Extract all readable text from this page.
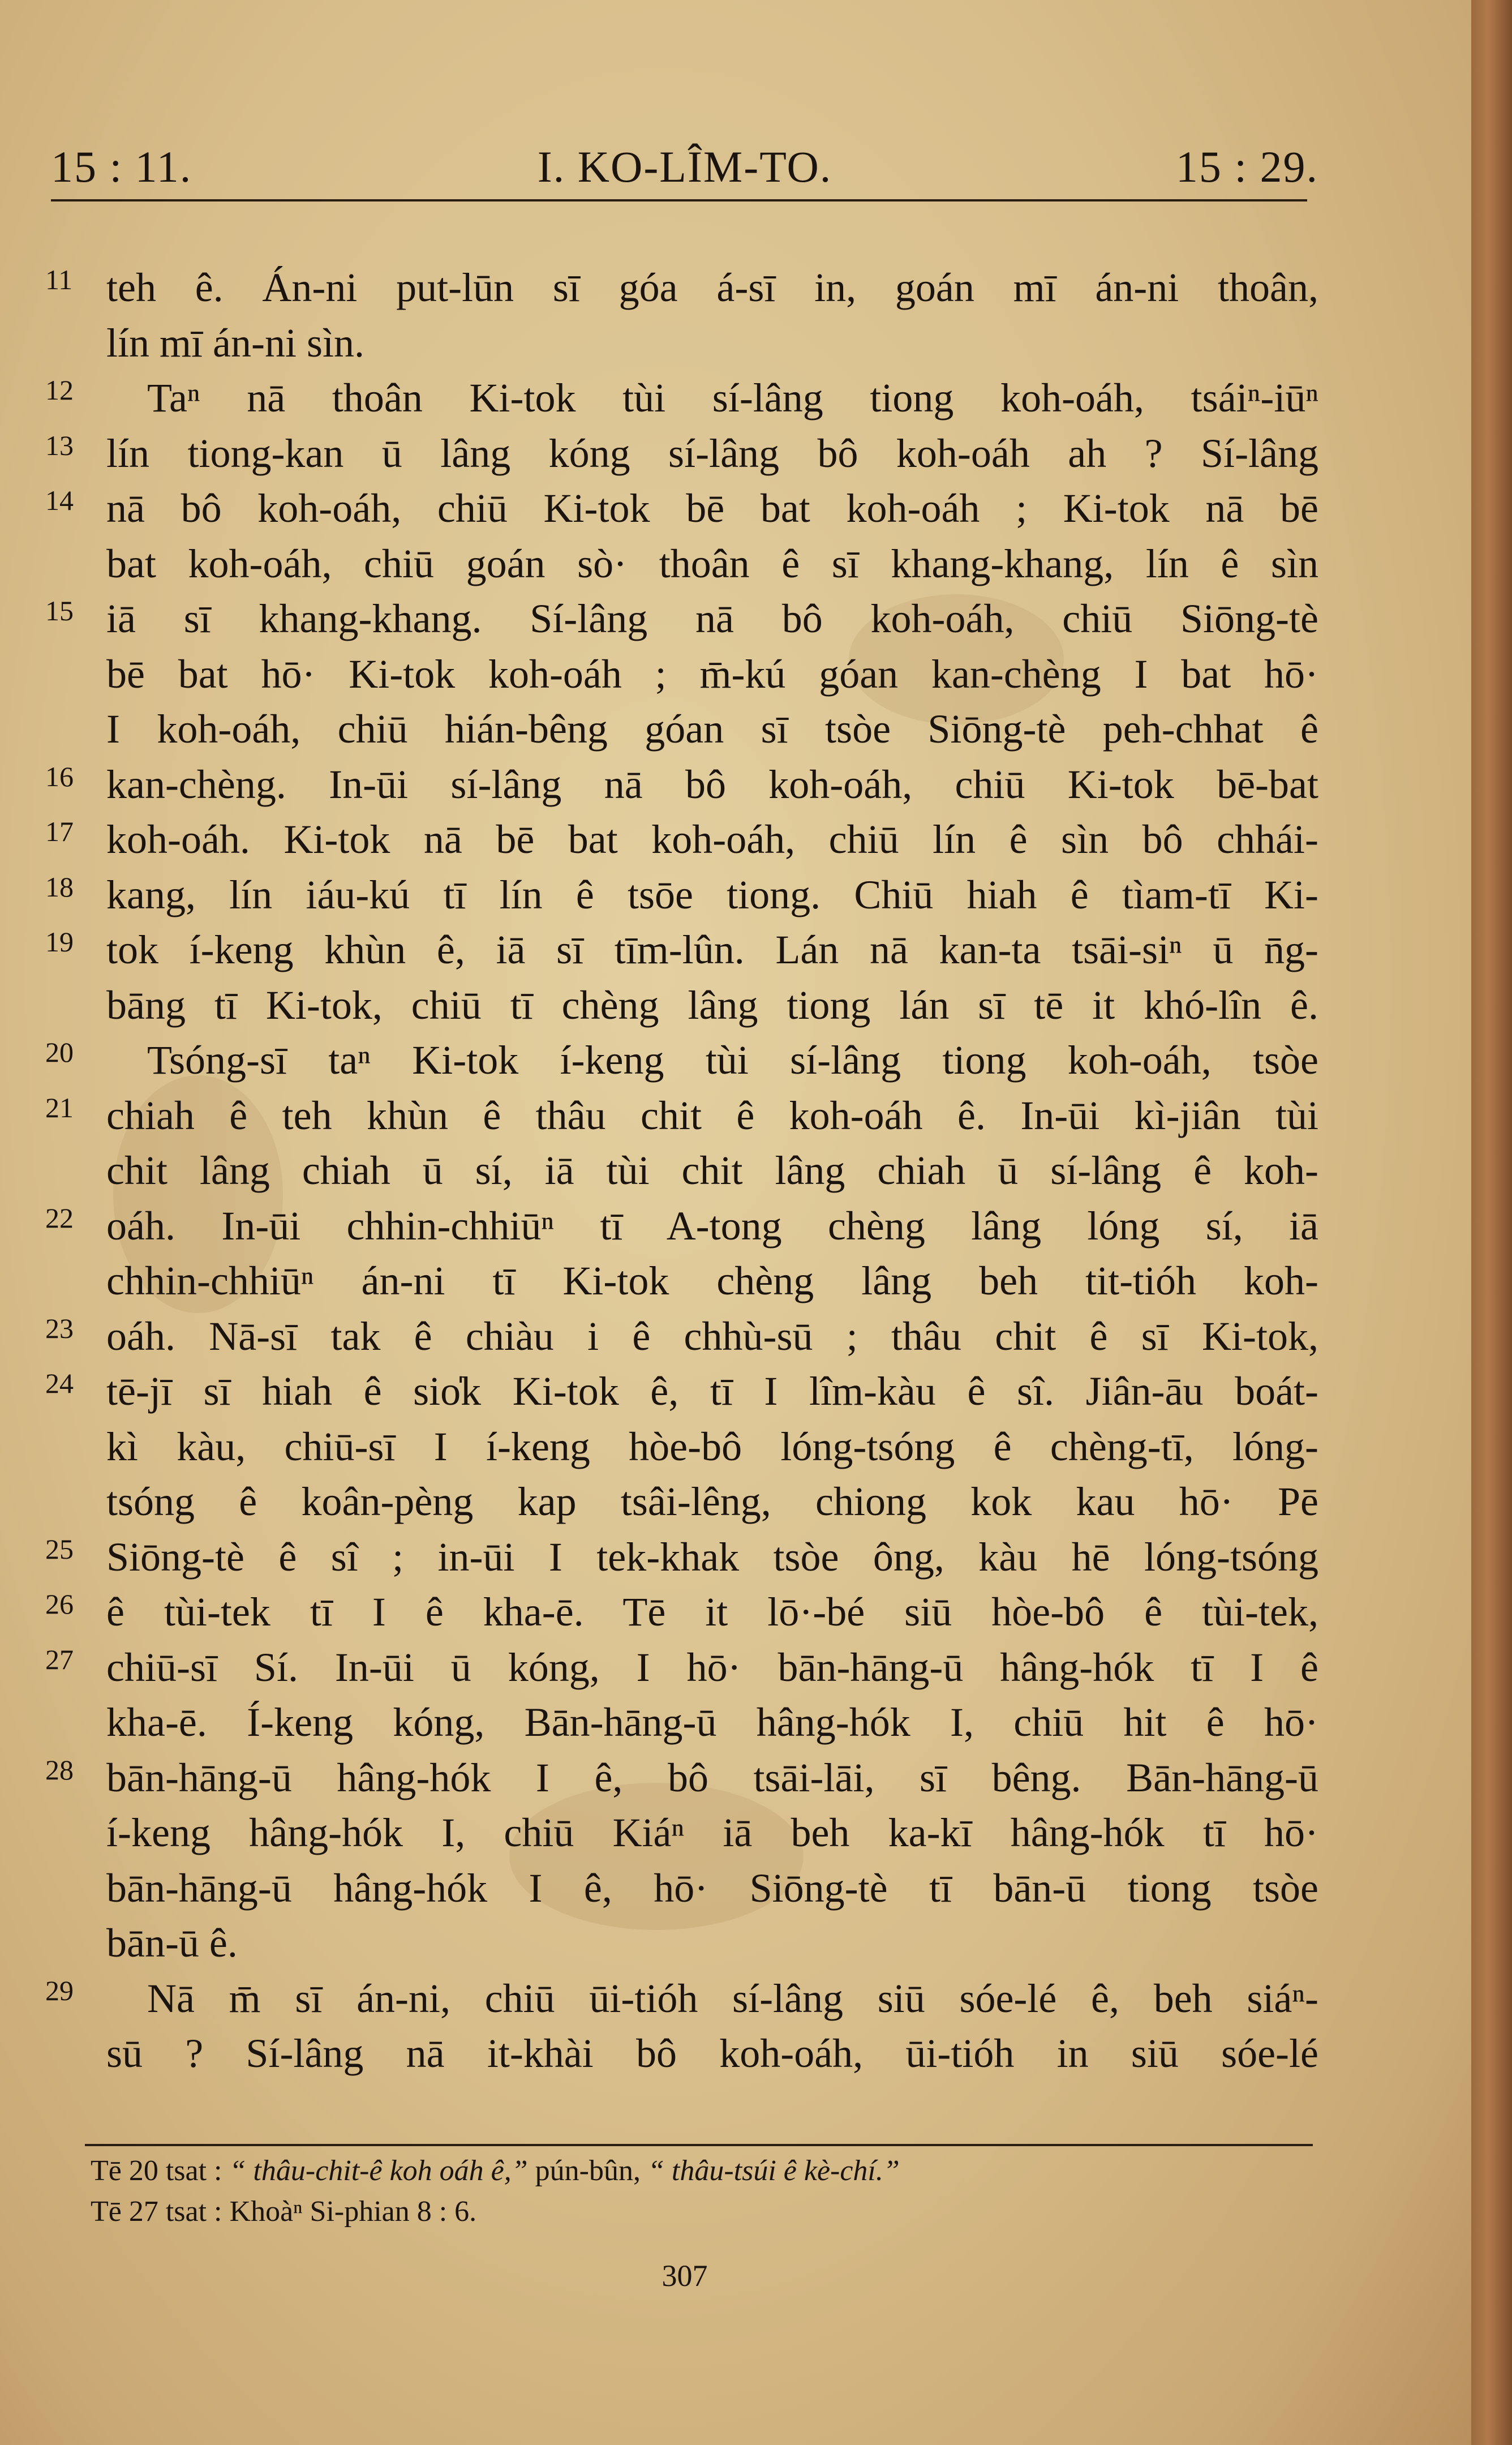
15 : 11.	I. KO-LÎM-TO.	15 : 29.
11 teh ê. Án-ni put-lūn sī góa á-sī in, goán mī án-ni thoân,
lín mī án-ni sìn.
12	Taⁿ nā thoân Ki-tok tùi sí-lâng tiong koh-oáh, tsáiⁿ-iūⁿ
13 lín tiong-kan ū lâng kóng sí-lâng bô koh-oáh ah ? Sí-lâng
14 nā bô koh-oáh, chiū Ki-tok bē bat koh-oáh ; Ki-tok nā bē
bat koh-oáh, chiū goán sò· thoân ê sī khang-khang, lín ê sìn
15 iā sī khang-khang. Sí-lâng nā bô koh-oáh, chiū Siōng-tè
bē bat hō· Ki-tok koh-oáh ; m̄-kú góan kan-chèng I bat hō·
I koh-oáh, chiū hián-bêng góan sī tsòe Siōng-tè peh-chhat ê
16 kan-chèng. In-ūi sí-lâng nā bô koh-oáh, chiū Ki-tok bē-bat
17 koh-oáh. Ki-tok nā bē bat koh-oáh, chiū lín ê sìn bô chhái-
18 kang, lín iáu-kú tī lín ê tsōe tiong. Chiū hiah ê tìam-tī Ki-
19 tok í-keng khùn ê, iā sī tīm-lûn. Lán nā kan-ta tsāi-siⁿ ū n̄g-
bāng tī Ki-tok, chiū tī chèng lâng tiong lán sī tē it khó-lîn ê.
20	Tsóng-sī taⁿ Ki-tok í-keng tùi sí-lâng tiong koh-oáh, tsòe
21 chiah ê teh khùn ê thâu chit ê koh-oáh ê. In-ūi kì-jiân tùi
chit lâng chiah ū sí, iā tùi chit lâng chiah ū sí-lâng ê koh-
22 oáh. In-ūi chhin-chhiūⁿ tī A-tong chèng lâng lóng sí, iā
chhin-chhiūⁿ án-ni tī Ki-tok chèng lâng beh tit-tióh koh-
23 oáh. Nā-sī tak ê chiàu i ê chhù-sū ; thâu chit ê sī Ki-tok,
24 tē-jī sī hiah ê sio̍k Ki-tok ê, tī I lîm-kàu ê sî. Jiân-āu boát-
kì kàu, chiū-sī I í-keng hòe-bô lóng-tsóng ê chèng-tī, lóng-
tsóng ê koân-pèng kap tsâi-lêng, chiong kok kau hō· Pē
25 Siōng-tè ê sî ; in-ūi I tek-khak tsòe ông, kàu hē lóng-tsóng
26 ê tùi-tek tī I ê kha-ē. Tē it lō·-bé siū hòe-bô ê tùi-tek,
27 chiū-sī Sí. In-ūi ū kóng, I hō· bān-hāng-ū hâng-hók tī I ê
kha-ē. Í-keng kóng, Bān-hāng-ū hâng-hók I, chiū hit ê hō·
28 bān-hāng-ū hâng-hók I ê, bô tsāi-lāi, sī bêng. Bān-hāng-ū
í-keng hâng-hók I, chiū Kiáⁿ iā beh ka-kī hâng-hók tī hō·
bān-hāng-ū hâng-hók I ê, hō· Siōng-tè tī bān-ū tiong tsòe
bān-ū ê.
29	Nā m̄ sī án-ni, chiū ūi-tióh sí-lâng siū sóe-lé ê, beh siáⁿ-
sū ? Sí-lâng nā it-khài bô koh-oáh, ūi-tióh in siū sóe-lé
Tē 20 tsat : “ thâu-chit-ê koh oáh ê,” pún-bûn, “ thâu-tsúi ê kè-chí.”
Tē 27 tsat : Khoàⁿ Si-phian 8 : 6.
307
